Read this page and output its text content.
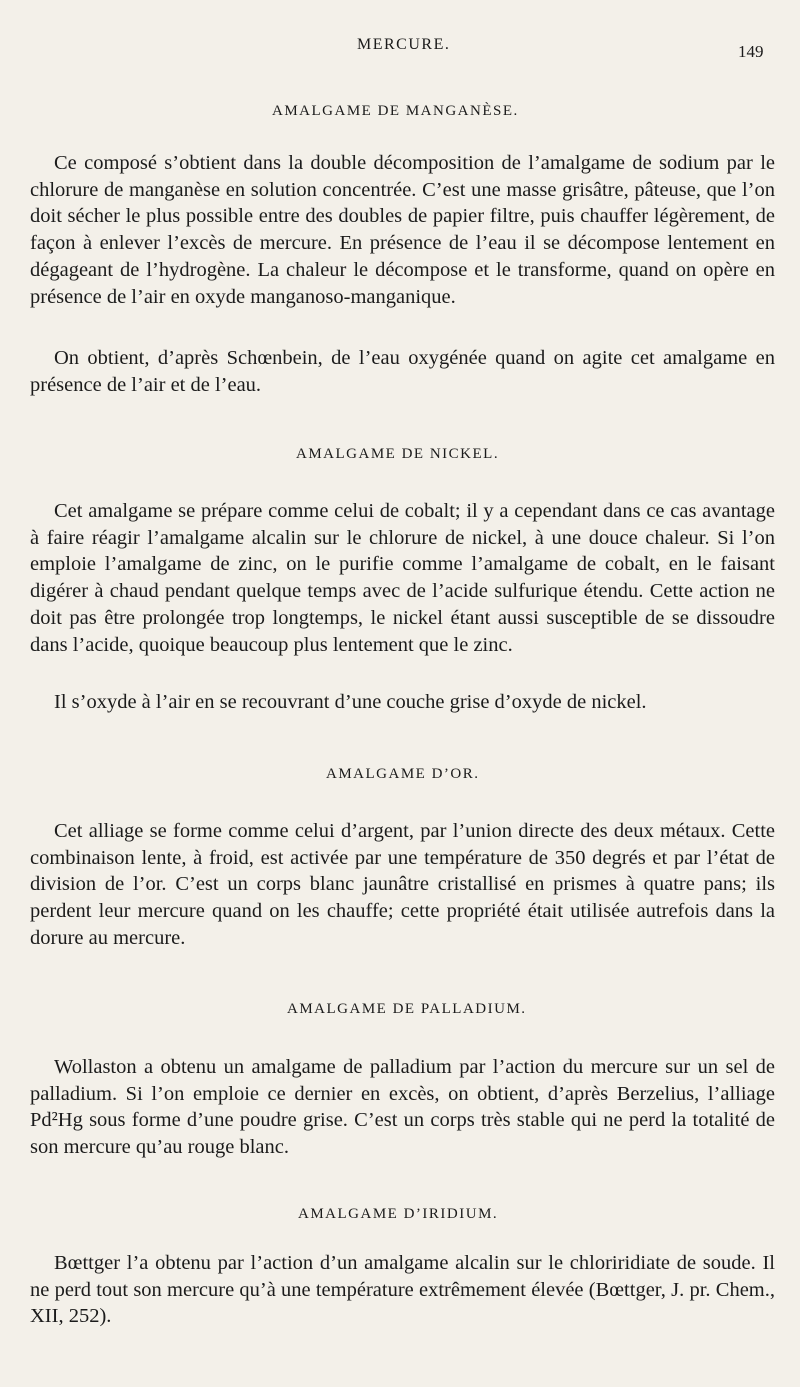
MERCURE.	149
AMALGAME DE MANGANÈSE.

Ce composé s’obtient dans la double décomposition de l’amalgame de sodium par le chlorure de manganèse en solution concentrée. C’est une masse grisâtre, pâteuse, que l’on doit sécher le plus possible entre des doubles de papier filtre, puis chauffer légèrement, de façon à enlever l’excès de mercure. En présence de l’eau il se décompose lentement en dégageant de l’hydrogène. La chaleur le décompose et le transforme, quand on opère en présence de l’air en oxyde manganoso-manganique.

On obtient, d’après Schœnbein, de l’eau oxygénée quand on agite cet amalgame en présence de l’air et de l’eau.

AMALGAME DE NICKEL.

Cet amalgame se prépare comme celui de cobalt; il y a cependant dans ce cas avantage à faire réagir l’amalgame alcalin sur le chlorure de nickel, à une douce chaleur. Si l’on emploie l’amalgame de zinc, on le purifie comme l’amalgame de cobalt, en le faisant digérer à chaud pendant quelque temps avec de l’acide sulfurique étendu. Cette action ne doit pas être prolongée trop longtemps, le nickel étant aussi susceptible de se dissoudre dans l’acide, quoique beaucoup plus lentement que le zinc.

Il s’oxyde à l’air en se recouvrant d’une couche grise d’oxyde de nickel.

AMALGAME D’OR.

Cet alliage se forme comme celui d’argent, par l’union directe des deux métaux. Cette combinaison lente, à froid, est activée par une température de 350 degrés et par l’état de division de l’or. C’est un corps blanc jaunâtre cristallisé en prismes à quatre pans; ils perdent leur mercure quand on les chauffe; cette propriété était utilisée autrefois dans la dorure au mercure.

AMALGAME DE PALLADIUM.

Wollaston a obtenu un amalgame de palladium par l’action du mercure sur un sel de palladium. Si l’on emploie ce dernier en excès, on obtient, d’après Berzelius, l’alliage Pd²Hg sous forme d’une poudre grise. C’est un corps très stable qui ne perd la totalité de son mercure qu’au rouge blanc.

AMALGAME D’IRIDIUM.

Bœttger l’a obtenu par l’action d’un amalgame alcalin sur le chloriridiate de soude. Il ne perd tout son mercure qu’à une température extrêmement élevée (Bœttger, J. pr. Chem., XII, 252).
